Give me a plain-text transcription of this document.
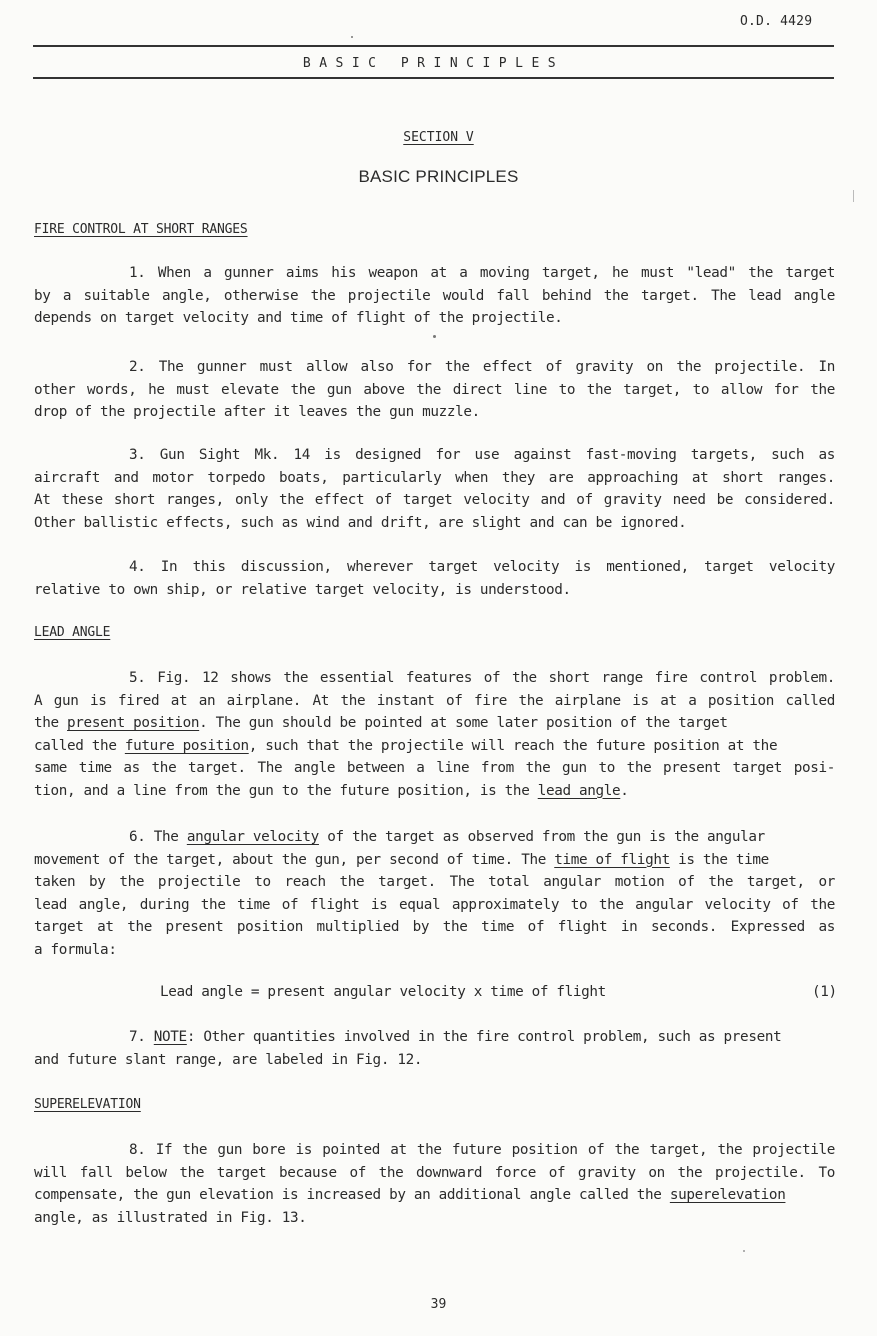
O.D. 4429
BASIC PRINCIPLES
SECTION V
BASIC PRINCIPLES
FIRE CONTROL AT SHORT RANGES
1. When a gunner aims his weapon at a moving target, he must "lead" the target
by a suitable angle, otherwise the projectile would fall behind the target. The lead angle
depends on target velocity and time of flight of the projectile.
2. The gunner must allow also for the effect of gravity on the projectile. In
other words, he must elevate the gun above the direct line to the target, to allow for the
drop of the projectile after it leaves the gun muzzle.
3. Gun Sight Mk. 14 is designed for use against fast-moving targets, such as
aircraft and motor torpedo boats, particularly when they are approaching at short ranges.
At these short ranges, only the effect of target velocity and of gravity need be considered.
Other ballistic effects, such as wind and drift, are slight and can be ignored.
4. In this discussion, wherever target velocity is mentioned, target velocity
relative to own ship, or relative target velocity, is understood.
LEAD ANGLE
5. Fig. 12 shows the essential features of the short range fire control problem.
A gun is fired at an airplane. At the instant of fire the airplane is at a position called
the present position. The gun should be pointed at some later position of the target
called the future position, such that the projectile will reach the future position at the
same time as the target. The angle between a line from the gun to the present target posi-
tion, and a line from the gun to the future position, is the lead angle.
6. The angular velocity of the target as observed from the gun is the angular
movement of the target, about the gun, per second of time. The time of flight is the time
taken by the projectile to reach the target. The total angular motion of the target, or
lead angle, during the time of flight is equal approximately to the angular velocity of the
target at the present position multiplied by the time of flight in seconds. Expressed as
a formula:
Lead angle = present angular velocity x time of flight	(1)
7. NOTE: Other quantities involved in the fire control problem, such as present
and future slant range, are labeled in Fig. 12.
SUPERELEVATION
8. If the gun bore is pointed at the future position of the target, the projectile
will fall below the target because of the downward force of gravity on the projectile. To
compensate, the gun elevation is increased by an additional angle called the superelevation
angle, as illustrated in Fig. 13.
39
